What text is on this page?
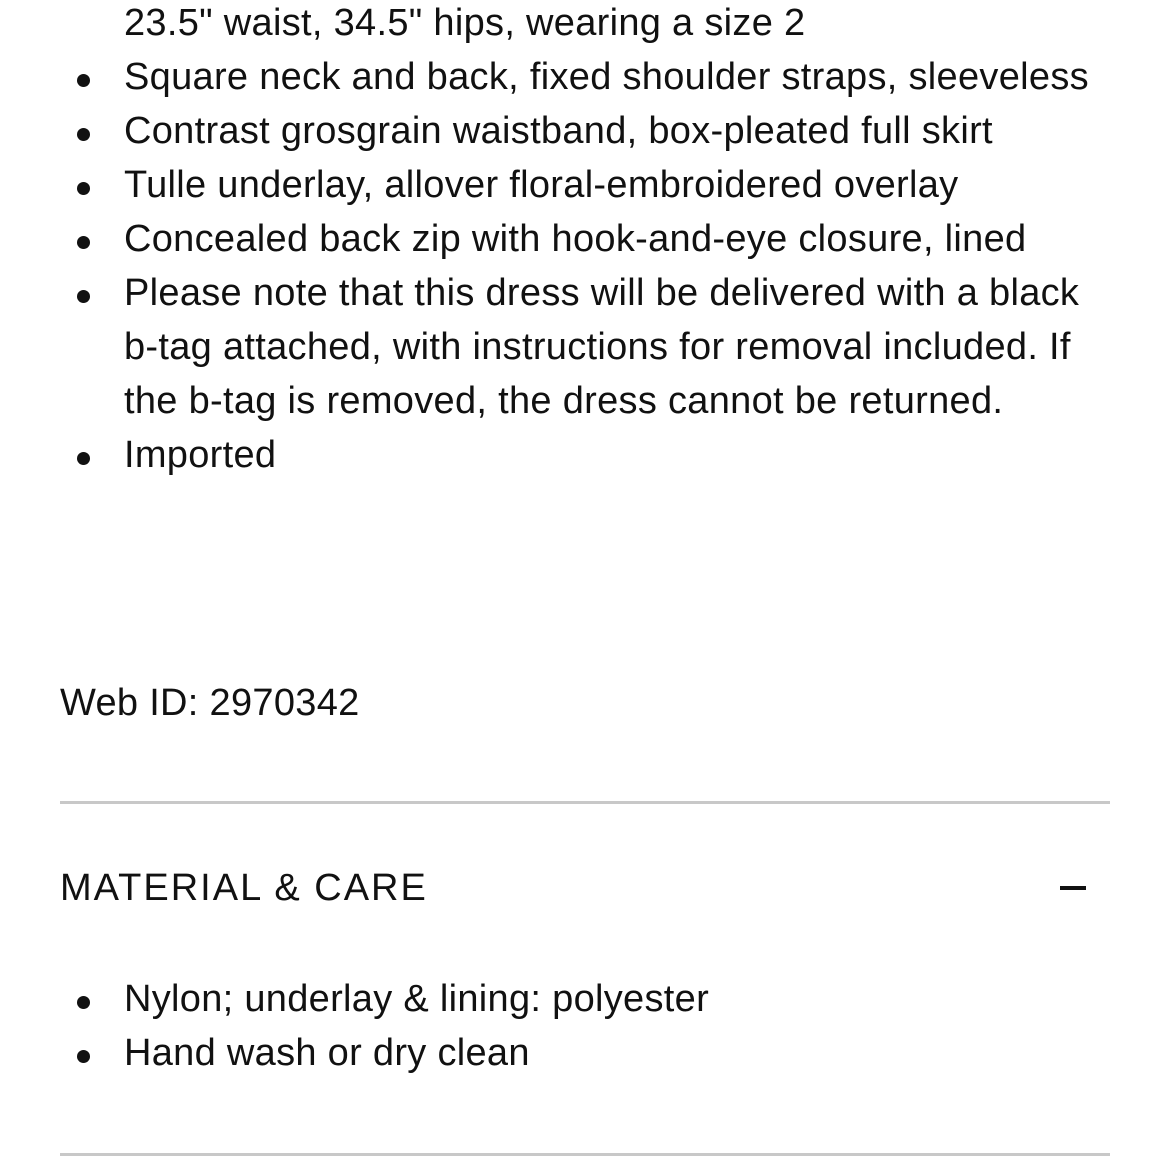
23.5" waist, 34.5" hips, wearing a size 2
Square neck and back, fixed shoulder straps, sleeveless
Contrast grosgrain waistband, box-pleated full skirt
Tulle underlay, allover floral-embroidered overlay
Concealed back zip with hook-and-eye closure, lined
Please note that this dress will be delivered with a black b-tag attached, with instructions for removal included. If the b-tag is removed, the dress cannot be returned.
Imported
Web ID: 2970342
MATERIAL & CARE
Nylon; underlay & lining: polyester
Hand wash or dry clean
